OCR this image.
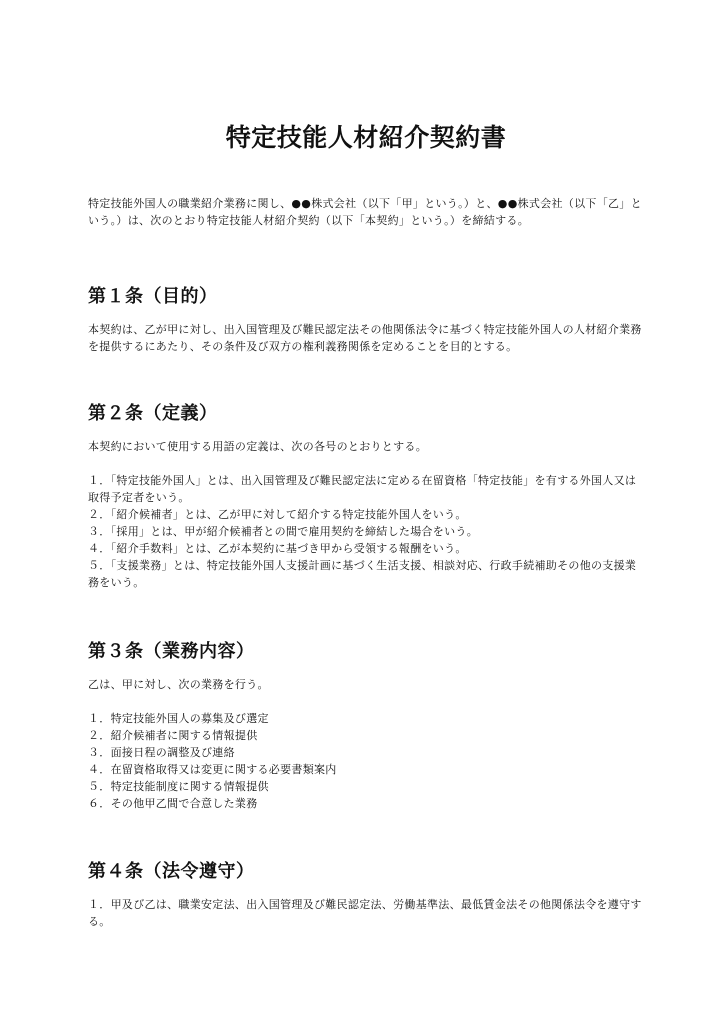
特定技能人材紹介契約書

特定技能外国人の職業紹介業務に関し、●●株式会社（以下「甲」という。）と、●●株式会社（以下「乙」という。）は、次のとおり特定技能人材紹介契約（以下「本契約」という。）を締結する。

第１条（目的）

本契約は、乙が甲に対し、出入国管理及び難民認定法その他関係法令に基づく特定技能外国人の人材紹介業務を提供するにあたり、その条件及び双方の権利義務関係を定めることを目的とする。

第２条（定義）

本契約において使用する用語の定義は、次の各号のとおりとする。

１．「特定技能外国人」とは、出入国管理及び難民認定法に定める在留資格「特定技能」を有する外国人又は取得予定者をいう。
２．「紹介候補者」とは、乙が甲に対して紹介する特定技能外国人をいう。
３．「採用」とは、甲が紹介候補者との間で雇用契約を締結した場合をいう。
４．「紹介手数料」とは、乙が本契約に基づき甲から受領する報酬をいう。
５．「支援業務」とは、特定技能外国人支援計画に基づく生活支援、相談対応、行政手続補助その他の支援業務をいう。
第３条（業務内容）

乙は、甲に対し、次の業務を行う。

１．特定技能外国人の募集及び選定
２．紹介候補者に関する情報提供
３．面接日程の調整及び連絡
４．在留資格取得又は変更に関する必要書類案内
５．特定技能制度に関する情報提供
６．その他甲乙間で合意した業務
第４条（法令遵守）
１．甲及び乙は、職業安定法、出入国管理及び難民認定法、労働基準法、最低賃金法その他関係法令を遵守する。
